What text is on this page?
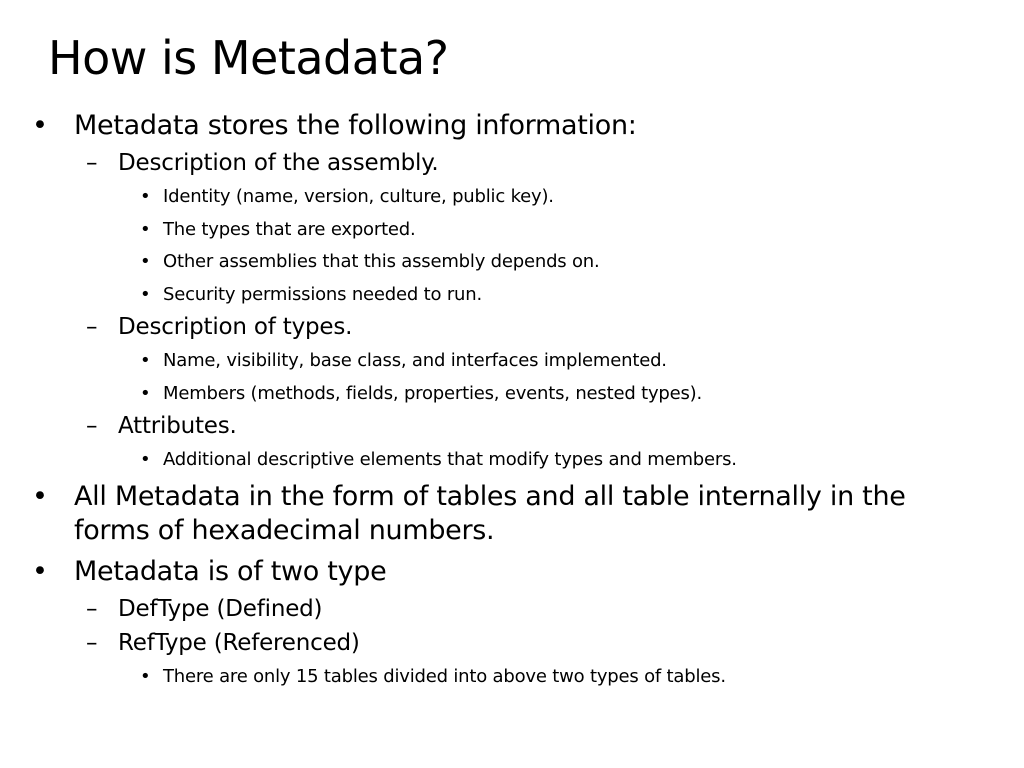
How is Metadata?
• Metadata stores the following information:
– Description of the assembly.
• Identity (name, version, culture, public key).
• The types that are exported.
• Other assemblies that this assembly depends on.
• Security permissions needed to run.
– Description of types.
• Name, visibility, base class, and interfaces implemented.
• Members (methods, fields, properties, events, nested types).
– Attributes.
• Additional descriptive elements that modify types and members.
• All Metadata in the form of tables and all table internally in the forms of hexadecimal numbers.
• Metadata is of two type
– DefType (Defined)
– RefType (Referenced)
• There are only 15 tables divided into above two types of tables.
